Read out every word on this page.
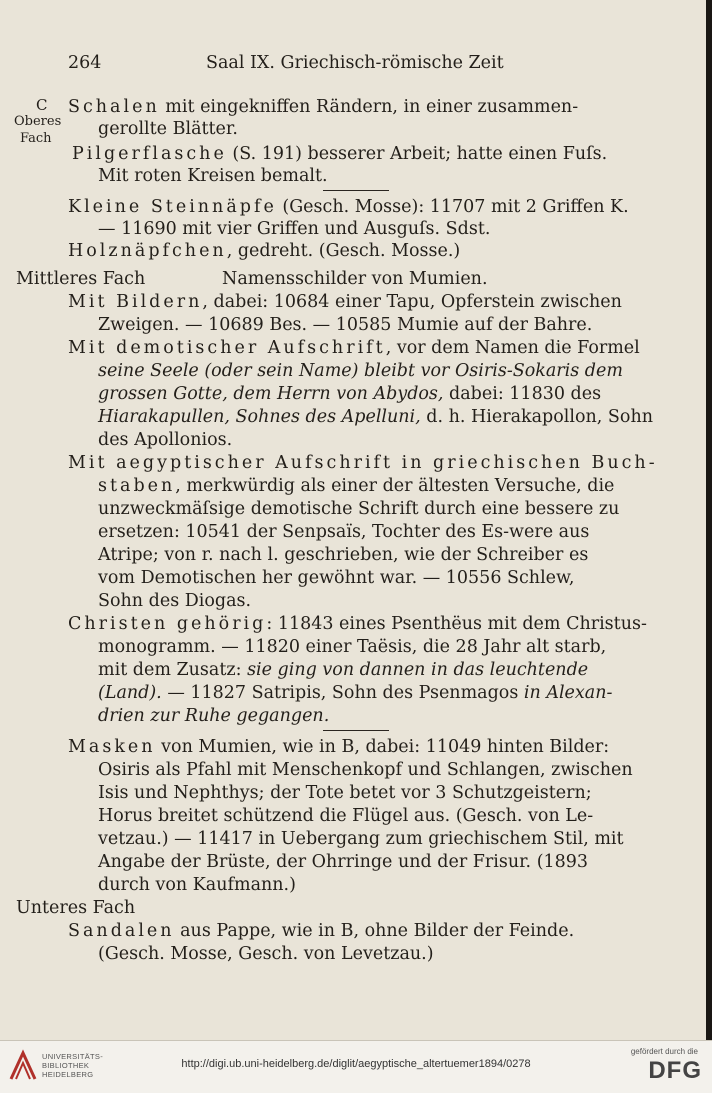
264	Saal IX. Griechisch-römische Zeit
C
Oberes
Fach
Schalen mit eingekniffen Rändern, in einer zusammen-
gerollte Blätter.
Pilgerflasche (S. 191) besserer Arbeit; hatte einen Fuſs.
Mit roten Kreisen bemalt.
Kleine Steinnäpfe (Gesch. Mosse): 11707 mit 2 Griffen K.
— 11690 mit vier Griffen und Ausguſs. Sdst.
Holznäpfchen, gedreht. (Gesch. Mosse.)
Mittleres Fach	Namensschilder von Mumien.
Mit Bildern, dabei: 10684 einer Tapu, Opferstein zwischen
Zweigen. — 10689 Bes. — 10585 Mumie auf der Bahre.
Mit demotischer Aufschrift, vor dem Namen die Formel
seine Seele (oder sein Name) bleibt vor Osiris-Sokaris dem
grossen Gotte, dem Herrn von Abydos, dabei: 11830 des
Hiarakapullen, Sohnes des Apelluni, d. h. Hierakapollon, Sohn
des Apollonios.
Mit aegyptischer Aufschrift in griechischen Buch-
staben, merkwürdig als einer der ältesten Versuche, die
unzweckmäſsige demotische Schrift durch eine bessere zu
ersetzen: 10541 der Senpsaïs, Tochter des Es-were aus
Atripe; von r. nach l. geschrieben, wie der Schreiber es
vom Demotischen her gewöhnt war. — 10556 Schlew,
Sohn des Diogas.
Christen gehörig: 11843 eines Psenthëus mit dem Christus-
monogramm. — 11820 einer Taësis, die 28 Jahr alt starb,
mit dem Zusatz: sie ging von dannen in das leuchtende
(Land). — 11827 Satripis, Sohn des Psenmagos in Alexan-
drien zur Ruhe gegangen.
Masken von Mumien, wie in B, dabei: 11049 hinten Bilder:
Osiris als Pfahl mit Menschenkopf und Schlangen, zwischen
Isis und Nephthys; der Tote betet vor 3 Schutzgeistern;
Horus breitet schützend die Flügel aus. (Gesch. von Le-
vetzau.) — 11417 in Uebergang zum griechischem Stil, mit
Angabe der Brüste, der Ohrringe und der Frisur. (1893
durch von Kaufmann.)
Unteres Fach
Sandalen aus Pappe, wie in B, ohne Bilder der Feinde.
(Gesch. Mosse, Gesch. von Levetzau.)
UNIVERSITÄTS-
BIBLIOTHEK
HEIDELBERG
http://digi.ub.uni-heidelberg.de/diglit/aegyptische_altertuemer1894/0278
gefördert durch die
DFG
